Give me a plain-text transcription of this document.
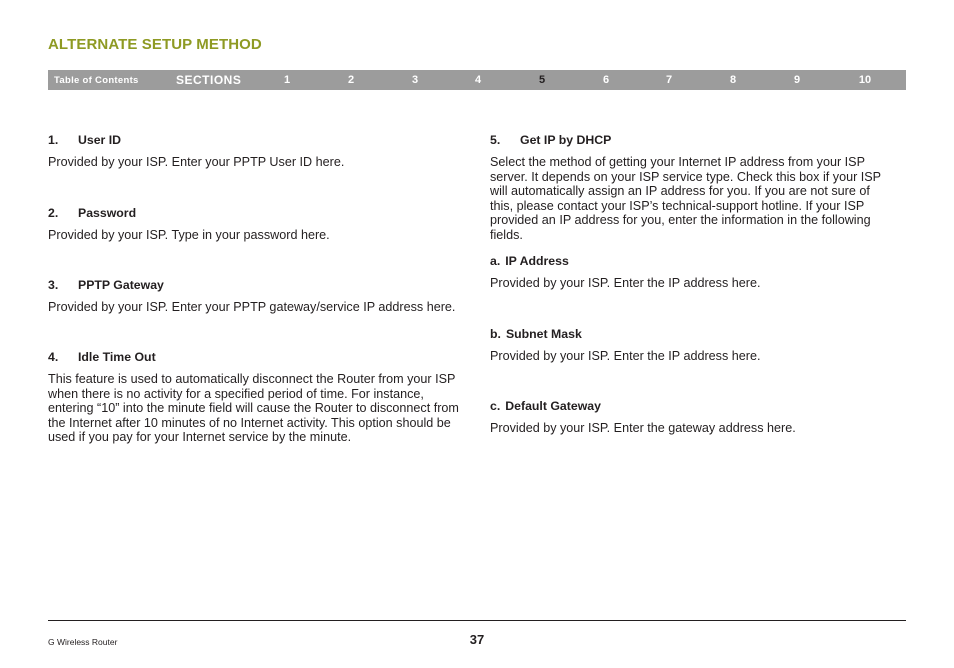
ALTERNATE SETUP METHOD
Table of Contents	SECTIONS	1	2	3	4	5	6	7	8	9	10
1. User ID

Provided by your ISP. Enter your PPTP User ID here.

2. Password

Provided by your ISP. Type in your password here.

3. PPTP Gateway

Provided by your ISP. Enter your PPTP gateway/service IP address here.

4. Idle Time Out

This feature is used to automatically disconnect the Router from your ISP when there is no activity for a specified period of time. For instance, entering “10” into the minute field will cause the Router to disconnect from the Internet after 10 minutes of no Internet activity. This option should be used if you pay for your Internet service by the minute.

5. Get IP by DHCP

Select the method of getting your Internet IP address from your ISP server. It depends on your ISP service type. Check this box if your ISP will automatically assign an IP address for you. If you are not sure of this, please contact your ISP’s technical-support hotline. If your ISP provided an IP address for you, enter the information in the following fields.

a. IP Address

Provided by your ISP. Enter the IP address here.

b. Subnet Mask

Provided by your ISP. Enter the IP address here.

c. Default Gateway

Provided by your ISP. Enter the gateway address here.

G Wireless Router	37
